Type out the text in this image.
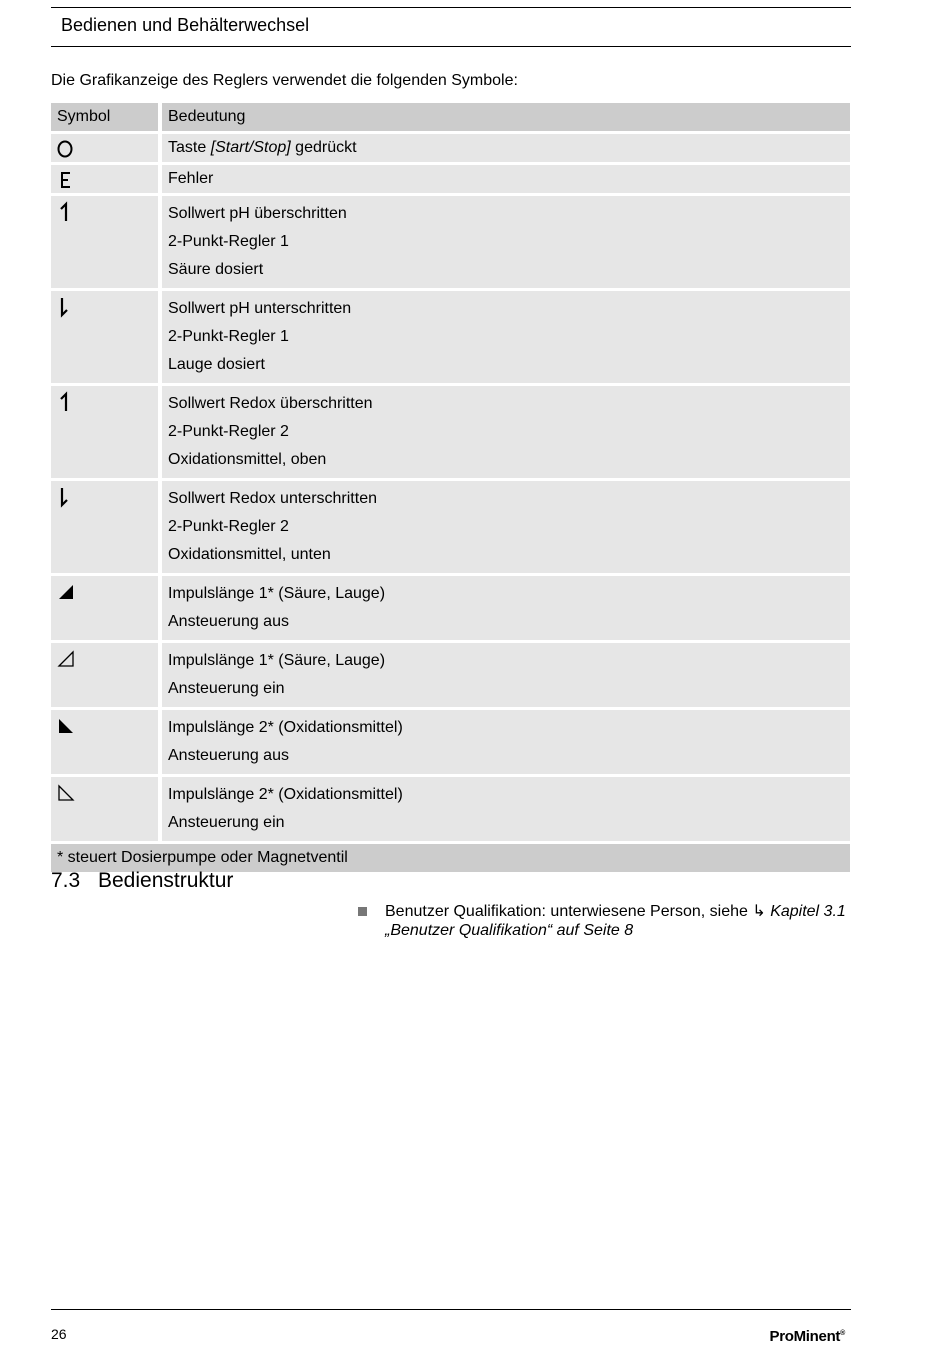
Bedienen und Behälterwechsel
Die Grafikanzeige des Reglers verwendet die folgenden Symbole:
Symbol	Bedeutung
Taste [Start/Stop] gedrückt
Fehler
Sollwert pH überschritten
2-Punkt-Regler 1
Säure dosiert
Sollwert pH unterschritten
2-Punkt-Regler 1
Lauge dosiert
Sollwert Redox überschritten
2-Punkt-Regler 2
Oxidationsmittel, oben
Sollwert Redox unterschritten
2-Punkt-Regler 2
Oxidationsmittel, unten
Impulslänge 1* (Säure, Lauge)
Ansteuerung aus
Impulslänge 1* (Säure, Lauge)
Ansteuerung ein
Impulslänge 2* (Oxidationsmittel)
Ansteuerung aus
Impulslänge 2* (Oxidationsmittel)
Ansteuerung ein
* steuert Dosierpumpe oder Magnetventil
7.3 Bedienstruktur
Benutzer Qualifikation: unterwiesene Person, siehe ↳ Kapitel 3.1 „Benutzer Qualifikation“ auf Seite 8
26	ProMinent®
